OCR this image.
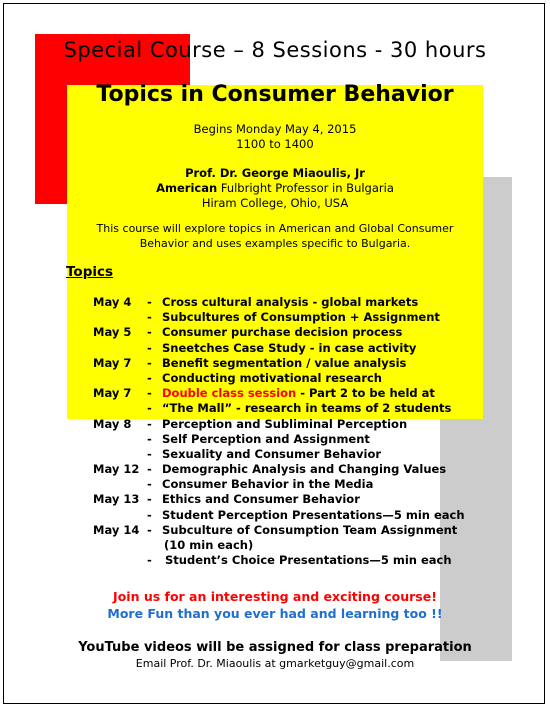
Special Course – 8 Sessions - 30 hours
Topics in Consumer Behavior
Begins Monday May 4, 2015
1100 to 1400
Prof. Dr. George Miaoulis, Jr
American Fulbright Professor in Bulgaria
Hiram College, Ohio, USA
This course will explore topics in American and Global Consumer
Behavior and uses examples specific to Bulgaria.
Topics
May 4 - Cross cultural analysis - global markets
- Subcultures of Consumption + Assignment
May 5 - Consumer purchase decision process
- Sneetches Case Study - in case activity
May 7 - Benefit segmentation / value analysis
- Conducting motivational research
May 7 - Double class session - Part 2 to be held at
- “The Mall” - research in teams of 2 students
May 8 - Perception and Subliminal Perception
- Self Perception and Assignment
- Sexuality and Consumer Behavior
May 12 - Demographic Analysis and Changing Values
- Consumer Behavior in the Media
May 13 - Ethics and Consumer Behavior
- Student Perception Presentations—5 min each
May 14 - Subculture of Consumption Team Assignment
(10 min each)
- Student’s Choice Presentations—5 min each
Join us for an interesting and exciting course!
More Fun than you ever had and learning too !!
YouTube videos will be assigned for class preparation
Email Prof. Dr. Miaoulis at gmarketguy@gmail.com
